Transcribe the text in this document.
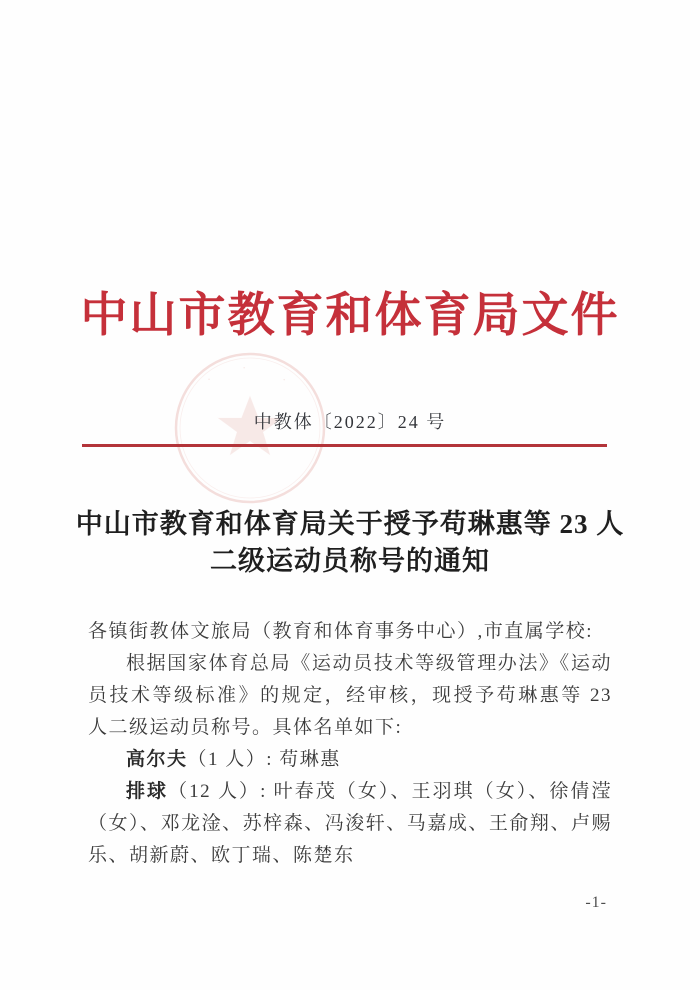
中山市教育和体育局文件
·
·
·
中教体〔2022〕24 号
中山市教育和体育局关于授予苟琳惠等 23 人
二级运动员称号的通知

各镇街教体文旅局（教育和体育事务中心）,市直属学校:

根据国家体育总局《运动员技术等级管理办法》《运动员技术等级标准》的规定，经审核，现授予苟琳惠等 23 人二级运动员称号。具体名单如下:

高尔夫（1 人）: 苟琳惠

排球（12 人）: 叶春茂（女）、王羽琪（女）、徐倩滢（女）、邓龙淦、苏梓森、冯浚轩、马嘉成、王俞翔、卢赐乐、胡新蔚、欧丁瑞、陈楚东

-1-
